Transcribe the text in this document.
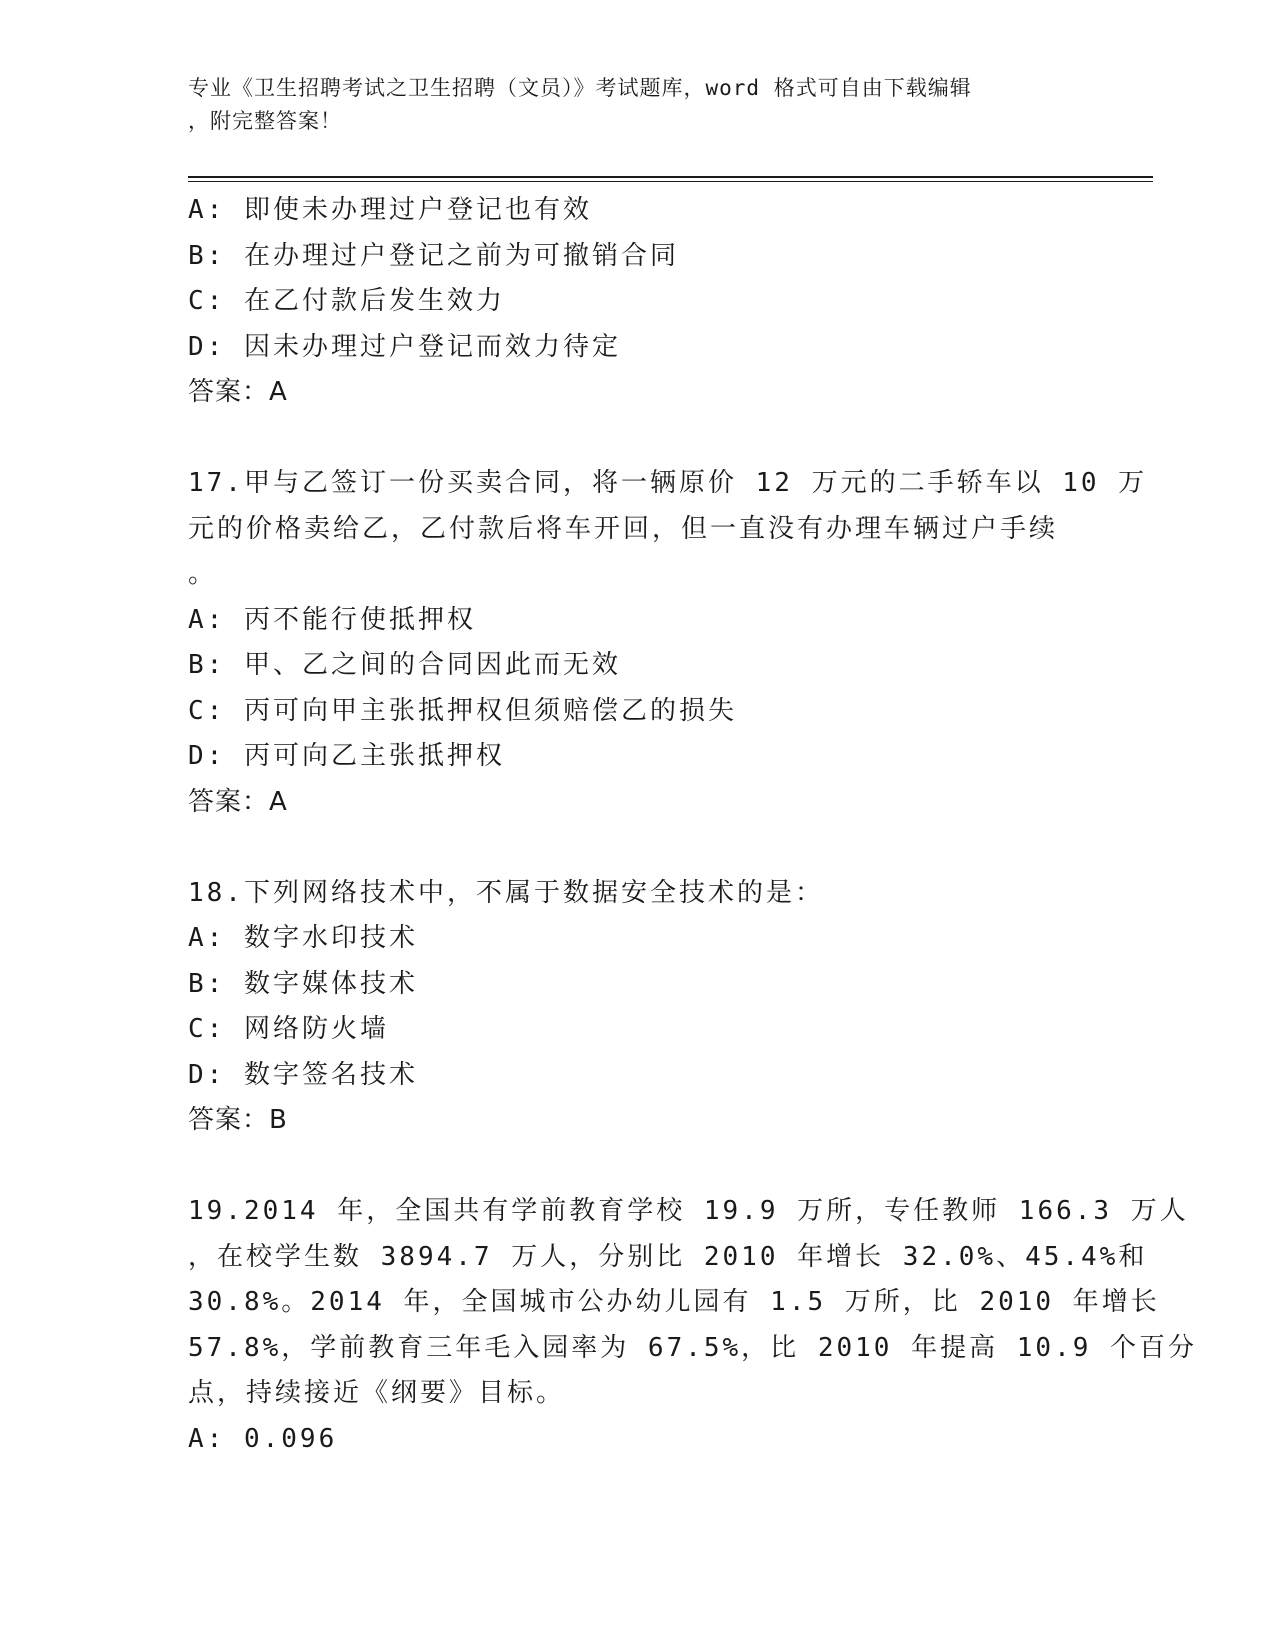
专业《卫生招聘考试之卫生招聘（文员）》考试题库，word 格式可自由下载编辑
，附完整答案！
A: 即使未办理过户登记也有效
B: 在办理过户登记之前为可撤销合同
C: 在乙付款后发生效力
D: 因未办理过户登记而效力待定
答案：A
17.甲与乙签订一份买卖合同，将一辆原价 12 万元的二手轿车以 10 万
元的价格卖给乙，乙付款后将车开回，但一直没有办理车辆过户手续
。
A: 丙不能行使抵押权
B: 甲、乙之间的合同因此而无效
C: 丙可向甲主张抵押权但须赔偿乙的损失
D: 丙可向乙主张抵押权
答案：A
18.下列网络技术中，不属于数据安全技术的是：
A: 数字水印技术
B: 数字媒体技术
C: 网络防火墙
D: 数字签名技术
答案：B
19.2014 年，全国共有学前教育学校 19.9 万所，专任教师 166.3 万人
，在校学生数 3894.7 万人，分别比 2010 年增长 32.0%、45.4%和
30.8%。2014 年，全国城市公办幼儿园有 1.5 万所，比 2010 年增长
57.8%，学前教育三年毛入园率为 67.5%，比 2010 年提高 10.9 个百分
点，持续接近《纲要》目标。
A: 0.096
